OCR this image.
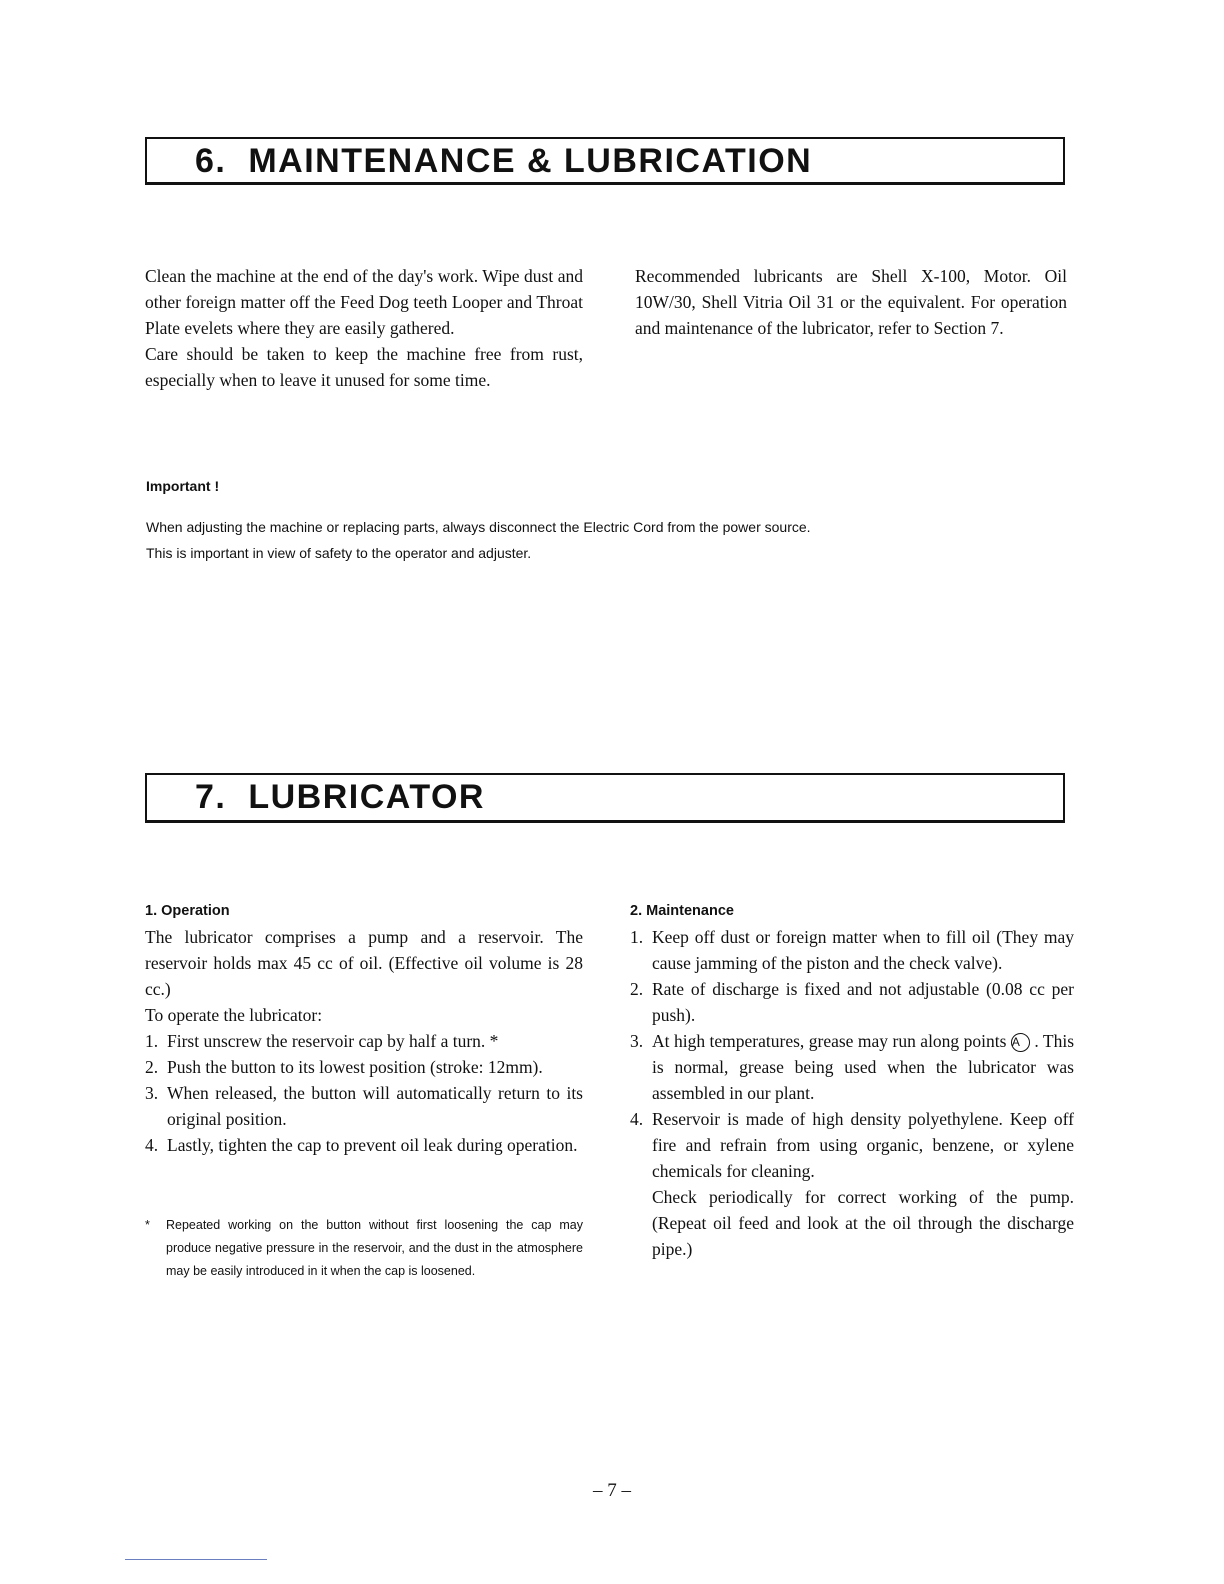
6. MAINTENANCE & LUBRICATION

Clean the machine at the end of the day's work. Wipe dust and other foreign matter off the Feed Dog teeth Looper and Throat Plate evelets where they are easily gathered.

Care should be taken to keep the machine free from rust, especially when to leave it unused for some time.

Recommended lubricants are Shell X-100, Motor. Oil 10W/30, Shell Vitria Oil 31 or the equivalent. For operation and maintenance of the lubricator, refer to Section 7.

Important !
When adjusting the machine or replacing parts, always disconnect the Electric Cord from the power source.
This is important in view of safety to the operator and adjuster.
7. LUBRICATOR
1. Operation

The lubricator comprises a pump and a reservoir. The reservoir holds max 45 cc of oil. (Effective oil volume is 28 cc.)

To operate the lubricator:

1. First unscrew the reservoir cap by half a turn. *
2. Push the button to its lowest position (stroke: 12mm).
3. When released, the button will automatically return to its original position.
4. Lastly, tighten the cap to prevent oil leak during operation.
*	Repeated working on the button without first loosening the cap may produce negative pressure in the reservoir, and the dust in the atmosphere may be easily introduced in it when the cap is loosened.
2. Maintenance
1. Keep off dust or foreign matter when to fill oil (They may cause jamming of the piston and the check valve).
2. Rate of discharge is fixed and not adjustable (0.08 cc per push).
3. At high temperatures, grease may run along points A . This is normal, grease being used when the lubricator was assembled in our plant.
4. Reservoir is made of high density polyethylene. Keep off fire and refrain from using organic, benzene, or xylene chemicals for cleaning.
Check periodically for correct working of the pump. (Repeat oil feed and look at the oil through the discharge pipe.)
– 7 –
